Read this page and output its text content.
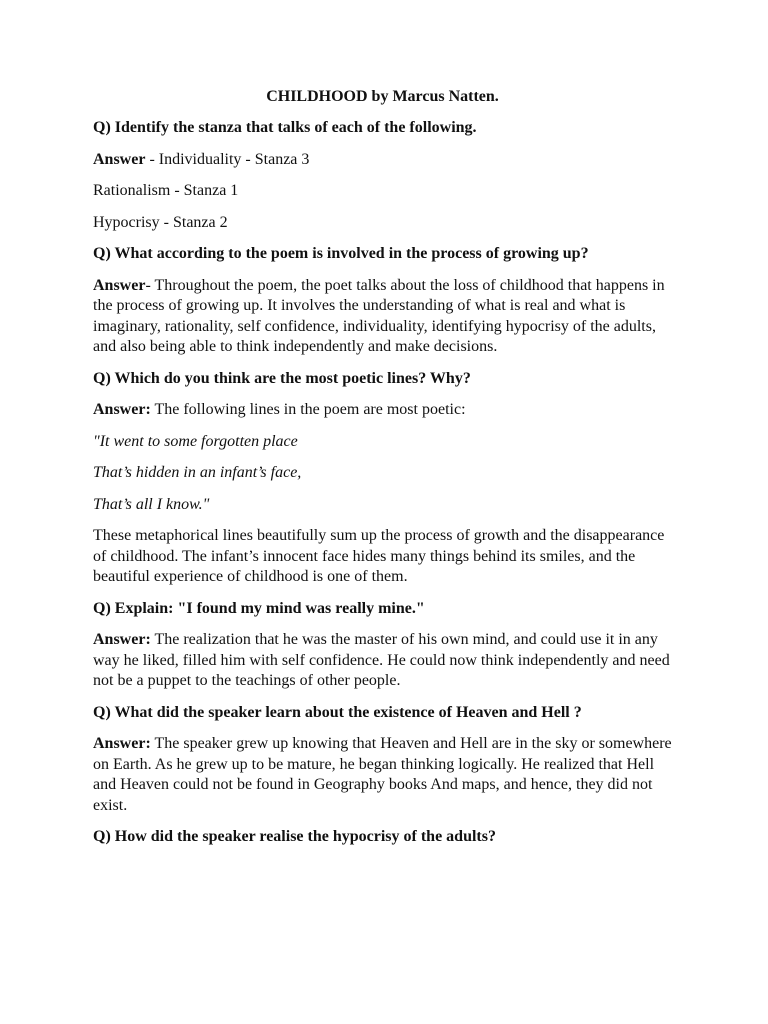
CHILDHOOD by Marcus Natten.

Q) Identify the stanza that talks of each of the following.

Answer - Individuality - Stanza 3

Rationalism - Stanza 1

Hypocrisy - Stanza 2

Q) What according to the poem is involved in the process of growing up?

Answer- Throughout the poem, the poet talks about the loss of childhood that happens in the process of growing up. It involves the understanding of what is real and what is imaginary, rationality, self confidence, individuality, identifying hypocrisy of the adults, and also being able to think independently and make decisions.

Q) Which do you think are the most poetic lines? Why?

Answer: The following lines in the poem are most poetic:

"It went to some forgotten place

That’s hidden in an infant’s face,

That’s all I know."

These metaphorical lines beautifully sum up the process of growth and the disappearance of childhood. The infant’s innocent face hides many things behind its smiles, and the beautiful experience of childhood is one of them.

Q) Explain: "I found my mind was really mine."

Answer: The realization that he was the master of his own mind, and could use it in any way he liked, filled him with self confidence. He could now think independently and need not be a puppet to the teachings of other people.

Q) What did the speaker learn about the existence of Heaven and Hell ?

Answer: The speaker grew up knowing that Heaven and Hell are in the sky or somewhere on Earth. As he grew up to be mature, he began thinking logically. He realized that Hell and Heaven could not be found in Geography books And maps, and hence, they did not exist.

Q) How did the speaker realise the hypocrisy of the adults?
